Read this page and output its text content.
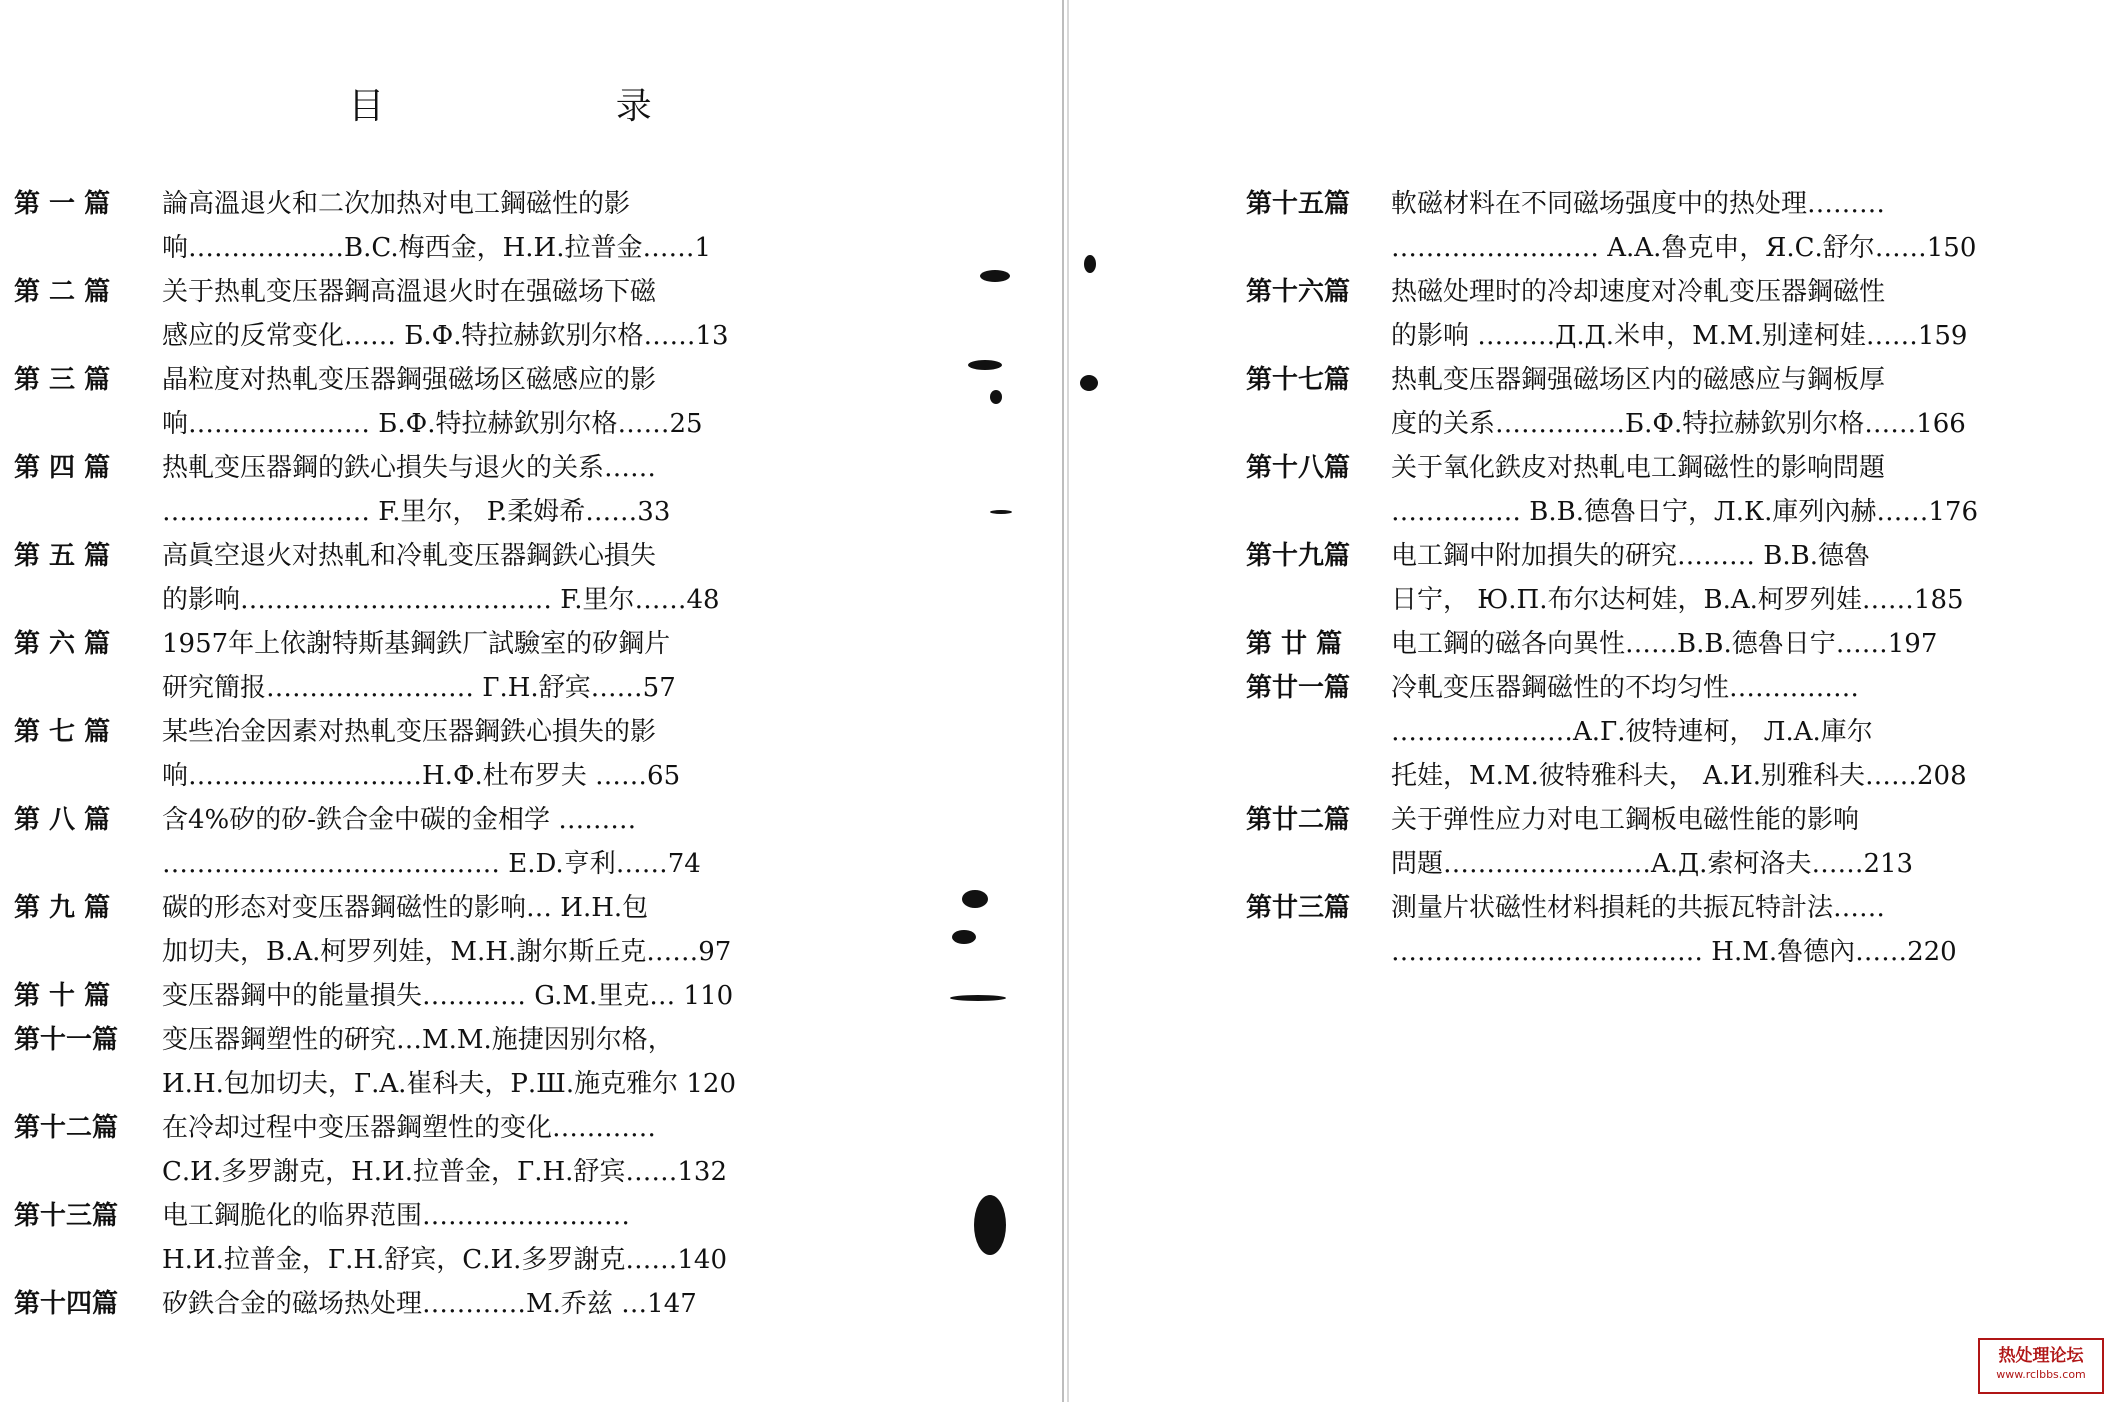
目 录
第 一 篇	論高溫退火和二次加热对电工鋼磁性的影
响………………B.C.梅西金，H.И.拉普金……1
第 二 篇	关于热軋变压器鋼高溫退火时在强磁场下磁
感应的反常变化…… Б.Ф.特拉赫欽别尔格……13
第 三 篇	晶粒度对热軋变压器鋼强磁场区磁感应的影
响………………… Б.Ф.特拉赫欽别尔格……25
第 四 篇	热軋变压器鋼的鉄心損失与退火的关系……
…………………… F.里尔， P.柔姆希……33
第 五 篇	高眞空退火对热軋和冷軋变压器鋼鉄心損失
的影响……………………………… F.里尔……48
第 六 篇	1957年上依謝特斯基鋼鉄厂試驗室的矽鋼片
研究簡报…………………… Г.Н.舒宾……57
第 七 篇	某些冶金因素对热軋变压器鋼鉄心損失的影
响………………………Н.Ф.杜布罗夫 ……65
第 八 篇	含4%矽的矽-鉄合金中碳的金相学 ………
………………………………… E.D.亨利……74
第 九 篇	碳的形态对变压器鋼磁性的影响… И.Н.包
加切夫，B.A.柯罗列娃，M.H.謝尔斯丘克……97
第 十 篇	变压器鋼中的能量損失………… G.M.里克… 110
第十一篇	变压器鋼塑性的硏究…M.M.施捷因别尔格，
И.Н.包加切夫，Г.A.崔科夫，Р.Ш.施克雅尔 120
第十二篇	在冷却过程中变压器鋼塑性的变化…………
С.И.多罗謝克，Н.И.拉普金，Г.Н.舒宾……132
第十三篇	电工鋼脆化的临界范围……………………
Н.И.拉普金，Г.Н.舒宾，С.И.多罗謝克……140
第十四篇	矽鉄合金的磁场热处理…………M.乔兹 …147
第十五篇	軟磁材料在不同磁场强度中的热处理………
…………………… A.A.魯克申，Я.С.舒尔……150
第十六篇	热磁处理时的冷却速度对冷軋变压器鋼磁性
的影响 ………Д.Д.米申，M.M.别達柯娃……159
第十七篇	热軋变压器鋼强磁场区内的磁感应与鋼板厚
度的关系……………Б.Ф.特拉赫欽别尔格……166
第十八篇	关于氧化鉄皮对热軋电工鋼磁性的影响問題
…………… B.B.德魯日宁，Л.К.庫列內赫……176
第十九篇	电工鋼中附加損失的硏究……… B.B.德魯
日宁， Ю.П.布尔达柯娃，B.A.柯罗列娃……185
第 廿 篇	电工鋼的磁各向異性……B.B.德魯日宁……197
第廿一篇	冷軋变压器鋼磁性的不均匀性……………
…………………A.Г.彼特連柯， Л.A.庫尔
托娃，M.M.彼特雅科夫， A.И.别雅科夫……208
第廿二篇	关于弹性应力对电工鋼板电磁性能的影响
問題……………………A.Д.索柯洛夫……213
第廿三篇	測量片状磁性材料損耗的共振瓦特計法……
……………………………… Н.М.魯德內……220
热处理论坛
www.rclbbs.com
